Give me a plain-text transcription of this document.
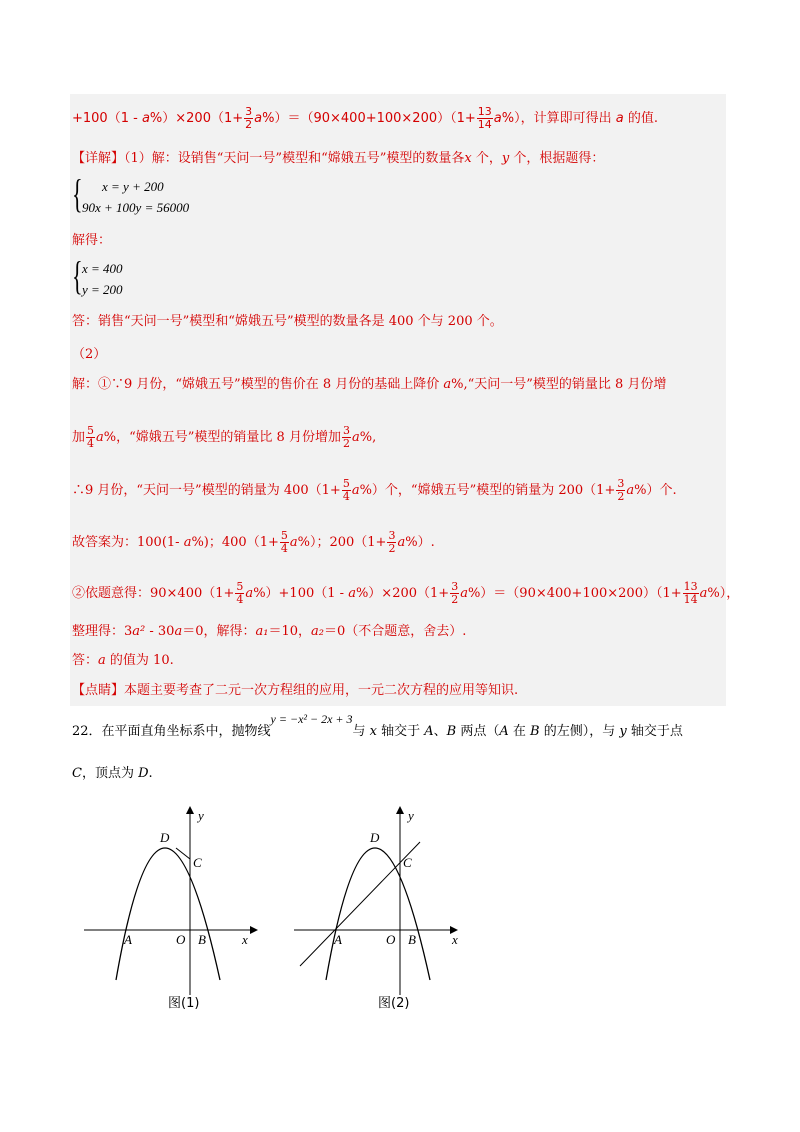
$+100(1 - a\%)\times 200(1+ \frac{3}{2} a\%)=(90\times 400+100\times 200)(1+ \frac{13}{14} a\%)$，计算即可得出 a 的值.
【详解】（1）解：设销售“天问一号”模型和“嫦娥五号”模型的数量各x 个，y 个，根据题得：
{ x = y + 200
90x + 100y = 56000
解得：
{ x = 400
y = 200
答：销售“天问一号”模型和“嫦娥五号”模型的数量各是 400 个与 200 个。
（2）
解：①∵9 月份，“嫦娥五号”模型的售价在 8 月份的基础上降价 a%,“天问一号”模型的销量比 8 月份增
加 $\frac{5}{4} a\%$，“嫦娥五号”模型的销量比 8 月份增加 $\frac{3}{2} a\%$,
∴9 月份，“天问一号”模型的销量为 $400(1+ \frac{5}{4} a\%)$个，“嫦娥五号”模型的销量为 $200(1+ \frac{3}{2} a\%)$个.
故答案为：100(1- a%)；$400(1+ \frac{5}{4} a\%)$；$200(1+ \frac{3}{2} a\%)$.
②依题意得：$90\times 400(1+ \frac{5}{4} a\%)+100(1 - a\%)\times 200(1+ \frac{3}{2} a\%)=(90\times 400+100\times 200)(1+ \frac{13}{14} a\%)$，
整理得：3a² - 30a＝0，解得：a₁＝10，a₂＝0（不合题意，舍去）.
答：a 的值为 10.
【点睛】本题主要考查了二元一次方程组的应用，一元二次方程的应用等知识.
22．在平面直角坐标系中，抛物线y = −x² − 2x + 3与 x 轴交于 A、B 两点（A 在 B 的左侧），与 y 轴交于点
C，顶点为 D.
D
C
A	O B	x
y
图(1)
D
C
A	O B	x
y
图(2)
